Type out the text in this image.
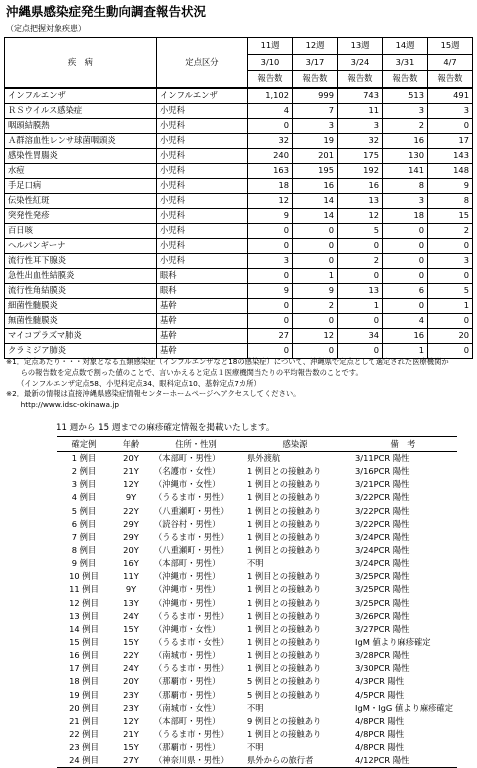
沖縄県感染症発生動向調査報告状況
（定点把握対象疾患）
疾　病	定点区分	11週	12週	13週	14週	15週
		3/10	3/17	3/24	3/31	4/7
		報告数	報告数	報告数	報告数	報告数
インフルエンザ	インフルエンザ	1,102	999	743	513	491
ＲＳウイルス感染症	小児科	4	7	11	3	3
咽頭結膜熱	小児科	0	3	3	2	0
Ａ群溶血性レンサ球菌咽頭炎	小児科	32	19	32	16	17
感染性胃腸炎	小児科	240	201	175	130	143
水痘	小児科	163	195	192	141	148
手足口病	小児科	18	16	16	8	9
伝染性紅斑	小児科	12	14	13	3	8
突発性発疹	小児科	9	14	12	18	15
百日咳	小児科	0	0	5	0	2
ヘルパンギーナ	小児科	0	0	0	0	0
流行性耳下腺炎	小児科	3	0	2	0	3
急性出血性結膜炎	眼科	0	1	0	0	0
流行性角結膜炎	眼科	9	9	13	6	5
細菌性髄膜炎	基幹	0	2	1	0	1
無菌性髄膜炎	基幹	0	0	0	4	0
マイコプラズマ肺炎	基幹	27	12	34	16	20
クラミジア肺炎	基幹	0	0	0	1	0
※1．定点あたり・・・対象となる五類感染症（インフルエンザなど18の感染症）について、沖縄県で定点として選定された医療機関か
　　らの報告数を定点数で割った値のことで、言いかえると定点１医療機関当たりの平均報告数のことです。
　　（インフルエンザ定点58、小児科定点34、眼科定点10、基幹定点7カ所）
※2．最新の情報は直接沖縄県感染症情報センターホームページへアクセスしてください。
　　http://www.idsc-okinawa.jp
11 週から 15 週までの麻疹確定情報を掲載いたします。
確定例	年齢	住所・性別	感染源	備　考
1 例目	20Y	（本部町・男性）	県外渡航	3/11PCR 陽性
2 例目	21Y	（名護市・女性）	1 例目との接触あり	3/16PCR 陽性
3 例目	12Y	（沖縄市・女性）	1 例目との接触あり	3/21PCR 陽性
4 例目	9Y	（うるま市・男性）	1 例目との接触あり	3/22PCR 陽性
5 例目	22Y	（八重瀬町・男性）	1 例目との接触あり	3/22PCR 陽性
6 例目	29Y	（読谷村・男性）	1 例目との接触あり	3/22PCR 陽性
7 例目	29Y	（うるま市・男性）	1 例目との接触あり	3/24PCR 陽性
8 例目	20Y	（八重瀬町・男性）	1 例目との接触あり	3/24PCR 陽性
9 例目	16Y	（本部町・男性）	不明	3/24PCR 陽性
10 例目	11Y	（沖縄市・男性）	1 例目との接触あり	3/25PCR 陽性
11 例目	9Y	（沖縄市・男性）	1 例目との接触あり	3/25PCR 陽性
12 例目	13Y	（沖縄市・男性）	1 例目との接触あり	3/25PCR 陽性
13 例目	24Y	（うるま市・男性）	1 例目との接触あり	3/26PCR 陽性
14 例目	15Y	（沖縄市・女性）	1 例目との接触あり	3/27PCR 陽性
15 例目	15Y	（うるま市・女性）	1 例目との接触あり	IgM 値より麻疹確定
16 例目	22Y	（南城市・男性）	1 例目との接触あり	3/28PCR 陽性
17 例目	24Y	（うるま市・男性）	1 例目との接触あり	3/30PCR 陽性
18 例目	20Y	（那覇市・男性）	5 例目との接触あり	4/3PCR 陽性
19 例目	23Y	（那覇市・男性）	5 例目との接触あり	4/5PCR 陽性
20 例目	23Y	（南城市・女性）	不明	IgM・IgG 値より麻疹確定
21 例目	12Y	（本部町・男性）	9 例目との接触あり	4/8PCR 陽性
22 例目	21Y	（うるま市・男性）	1 例目との接触あり	4/8PCR 陽性
23 例目	15Y	（那覇市・男性）	不明	4/8PCR 陽性
24 例目	27Y	（神奈川県・男性）	県外からの旅行者	4/12PCR 陽性
